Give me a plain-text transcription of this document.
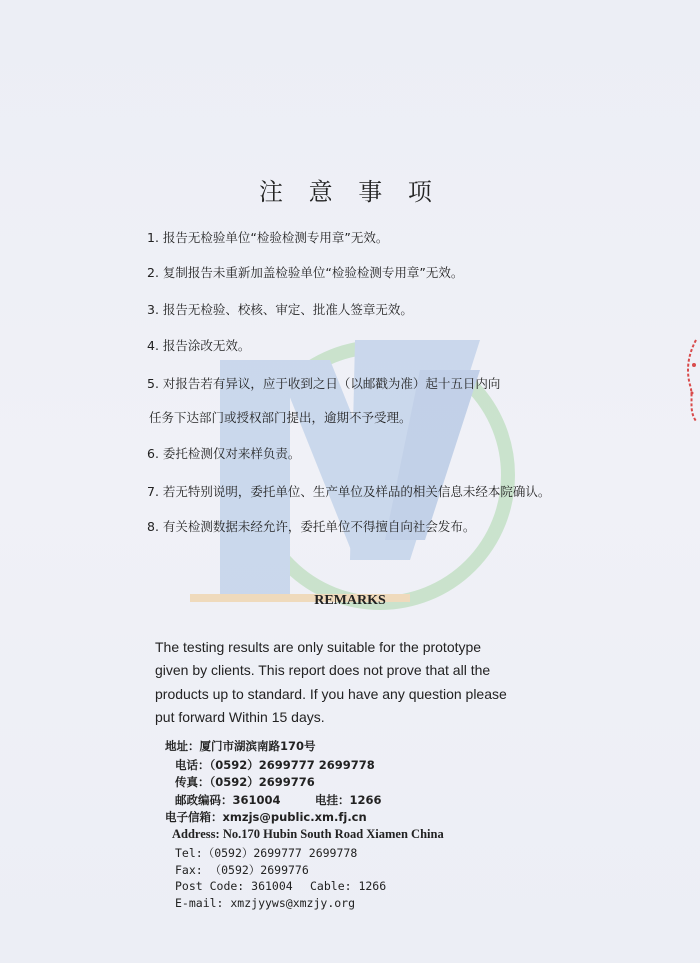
注 意 事 项
1. 报告无检验单位“检验检测专用章”无效。
2. 复制报告未重新加盖检验单位“检验检测专用章”无效。
3. 报告无检验、校核、审定、批准人签章无效。
4. 报告涂改无效。
5. 对报告若有异议，应于收到之日（以邮戳为准）起十五日内向
任务下达部门或授权部门提出，逾期不予受理。
6. 委托检测仅对来样负责。
7. 若无特别说明，委托单位、生产单位及样品的相关信息未经本院确认。
8. 有关检测数据未经允许，委托单位不得擅自向社会发布。
REMARKS
The testing results are only suitable for the prototype
given by clients. This report does not prove that all the
products up to standard. If you have any question please
put forward Within 15 days.
地址：厦门市湖滨南路170号
电话：（0592）2699777 2699778
传真：（0592）2699776
邮政编码：361004	电挂：1266
电子信箱：xmzjs@public.xm.fj.cn
Address: No.170 Hubin South Road Xiamen China
Tel:（0592）2699777 2699778
Fax: （0592）2699776
Post Code: 361004 Cable: 1266
E-mail: xmzjyyws@xmzjy.org
